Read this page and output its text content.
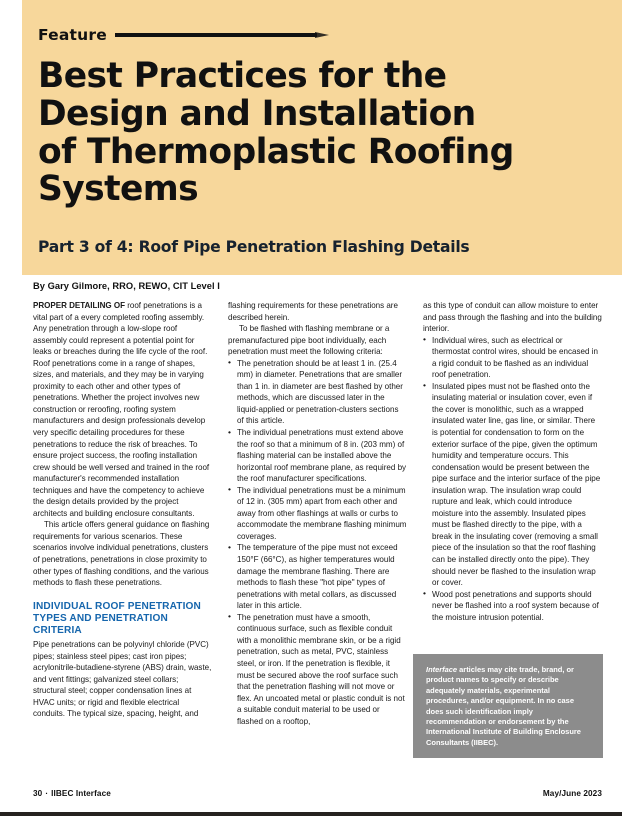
Feature
Best Practices for the Design and Installation of Thermoplastic Roofing Systems
Part 3 of 4: Roof Pipe Penetration Flashing Details
By Gary Gilmore, RRO, REWO, CIT Level I

PROPER DETAILING OF roof penetrations is a vital part of a every completed roofing assembly. Any penetration through a low-slope roof assembly could represent a potential point for leaks or breaches during the life cycle of the roof. Roof penetrations come in a range of shapes, sizes, and materials, and they may be in varying proximity to each other and other types of penetrations. Whether the project involves new construction or reroofing, roofing system manufacturers and design professionals develop very specific detailing procedures for these penetrations to reduce the risk of breaches. To ensure project success, the roofing installation crew should be well versed and trained in the roof manufacturer's recommended installation techniques and have the competency to achieve the design details provided by the project architects and building enclosure consultants.

This article offers general guidance on flashing requirements for various scenarios. These scenarios involve individual penetrations, clusters of penetrations, penetrations in close proximity to other types of flashing conditions, and the various methods to flash these penetrations.

INDIVIDUAL ROOF PENETRATION TYPES AND PENETRATION CRITERIA

Pipe penetrations can be polyvinyl chloride (PVC) pipes; stainless steel pipes; cast iron pipes; acrylonitrile-butadiene-styrene (ABS) drain, waste, and vent fittings; galvanized steel collars; structural steel; copper condensation lines at HVAC units; or rigid and flexible electrical conduits. The typical size, spacing, height, and

flashing requirements for these penetrations are described herein.

To be flashed with flashing membrane or a premanufactured pipe boot individually, each penetration must meet the following criteria:

• The penetration should be at least 1 in. (25.4 mm) in diameter. Penetrations that are smaller than 1 in. in diameter are best flashed by other methods, which are discussed later in the liquid-applied or penetration-clusters sections of this article.
• The individual penetrations must extend above the roof so that a minimum of 8 in. (203 mm) of flashing material can be installed above the horizontal roof membrane plane, as required by the roof manufacturer specifications.
• The individual penetrations must be a minimum of 12 in. (305 mm) apart from each other and away from other flashings at walls or curbs to accommodate the membrane flashing minimum coverages.
• The temperature of the pipe must not exceed 150°F (66°C), as higher temperatures would damage the membrane flashing. There are methods to flash these "hot pipe" types of penetrations with metal collars, as discussed later in this article.
• The penetration must have a smooth, continuous surface, such as flexible conduit with a monolithic membrane skin, or be a rigid penetration, such as metal, PVC, stainless steel, or iron. If the penetration is flexible, it must be secured above the roof surface such that the penetration flashing will not move or flex. An uncoated metal or plastic conduit is not a suitable conduit material to be used or flashed on a rooftop,

as this type of conduit can allow moisture to enter and pass through the flashing and into the building interior.

• Individual wires, such as electrical or thermostat control wires, should be encased in a rigid conduit to be flashed as an individual roof penetration.
• Insulated pipes must not be flashed onto the insulating material or insulation cover, even if the cover is monolithic, such as a wrapped insulated water line, gas line, or similar. There is potential for condensation to form on the exterior surface of the pipe, given the optimum humidity and temperature occurs. This condensation would be present between the pipe surface and the interior surface of the pipe insulation wrap. The insulation wrap could rupture and leak, which could introduce moisture into the assembly. Insulated pipes must be flashed directly to the pipe, with a break in the insulating cover (removing a small piece of the insulation so that the roof flashing can be installed directly onto the pipe). They should never be flashed to the insulation wrap or cover.
• Wood post penetrations and supports should never be flashed into a roof system because of the moisture intrusion potential.

Interface articles may cite trade, brand, or product names to specify or describe adequately materials, experimental procedures, and/or equipment. In no case does such identification imply recommendation or endorsement by the International Institute of Building Enclosure Consultants (IIBEC).

30 · IIBEC Interface	May/June 2023
